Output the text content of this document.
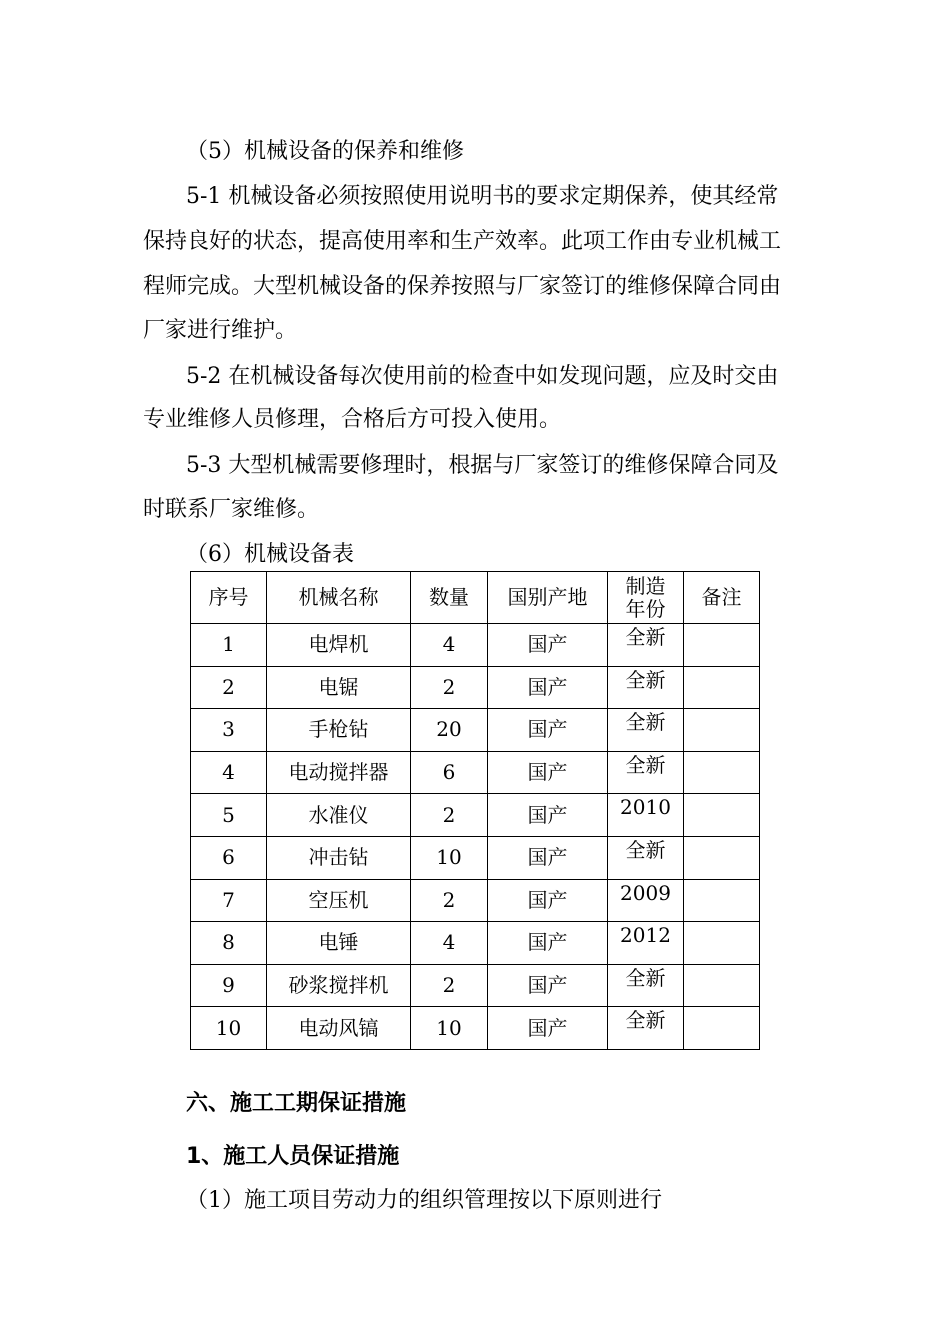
（5）机械设备的保养和维修
5-1 机械设备必须按照使用说明书的要求定期保养，使其经常
保持良好的状态，提高使用率和生产效率。此项工作由专业机械工
程师完成。大型机械设备的保养按照与厂家签订的维修保障合同由
厂家进行维护。
5-2 在机械设备每次使用前的检查中如发现问题，应及时交由
专业维修人员修理，合格后方可投入使用。
5-3 大型机械需要修理时，根据与厂家签订的维修保障合同及
时联系厂家维修。
（6）机械设备表
序号	机械名称	数量	国别产地	制造年份	备注
1	电焊机	4	国产	全新	
2	电锯	2	国产	全新	
3	手枪钻	20	国产	全新	
4	电动搅拌器	6	国产	全新	
5	水准仪	2	国产	2010	
6	冲击钻	10	国产	全新	
7	空压机	2	国产	2009	
8	电锤	4	国产	2012	
9	砂浆搅拌机	2	国产	全新	
10	电动风镐	10	国产	全新	
六、施工工期保证措施
1、施工人员保证措施
（1）施工项目劳动力的组织管理按以下原则进行
